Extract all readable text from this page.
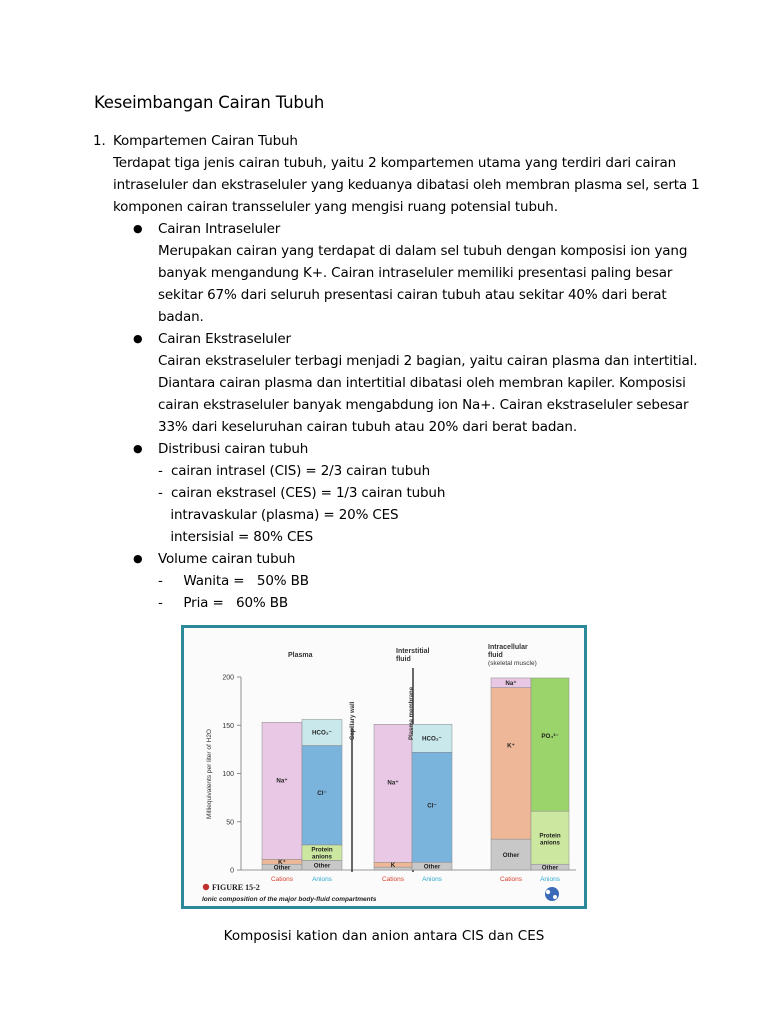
Keseimbangan Cairan Tubuh
1. Kompartemen Cairan Tubuh
Terdapat tiga jenis cairan tubuh, yaitu 2 kompartemen utama yang terdiri dari cairan
intraseluler dan ekstraseluler yang keduanya dibatasi oleh membran plasma sel, serta 1
komponen cairan transseluler yang mengisi ruang potensial tubuh.
● Cairan Intraseluler
Merupakan cairan yang terdapat di dalam sel tubuh dengan komposisi ion yang
banyak mengandung K+. Cairan intraseluler memiliki presentasi paling besar
sekitar 67% dari seluruh presentasi cairan tubuh atau sekitar 40% dari berat
badan.
● Cairan Ekstraseluler
Cairan ekstraseluler terbagi menjadi 2 bagian, yaitu cairan plasma dan intertitial.
Diantara cairan plasma dan intertitial dibatasi oleh membran kapiler. Komposisi
cairan ekstraseluler banyak mengabdung ion Na+. Cairan ekstraseluler sebesar
33% dari keseluruhan cairan tubuh atau 20% dari berat badan.
● Distribusi cairan tubuh
-  cairan intrasel (CIS) = 2/3 cairan tubuh
-  cairan ekstrasel (CES) = 1/3 cairan tubuh
intravaskular (plasma) = 20% CES
intersisial = 80% CES
● Volume cairan tubuh
-     Wanita =   50% BB
-     Pria =   60% BB
0
50
100
150
200
Other
K⁺
Na⁺
Cations
Other
Protein
anions
Cl⁻
HCO₃⁻
Anions
K
Na⁺
Cations
Other
Cl⁻
HCO₃⁻
Anions
Other
K⁺
Na⁺
Cations
Other
Protein
anions
PO₄³⁻
Anions
Plasma
Interstitial
fluid
Intracellular
fluid
(skeletal muscle)
Capillary wall	Plasma membrane
Milliequivalents per liter of H2O
FIGURE 15-2
Ionic composition of the major body-fluid compartments
Komposisi kation dan anion antara CIS dan CES
